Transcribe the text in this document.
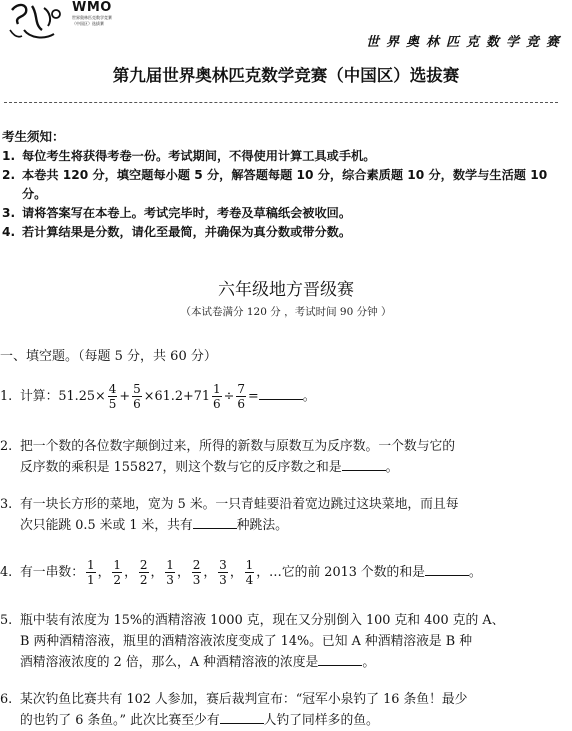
WMO
世界奥林匹克数学竞赛（中国区）选拔赛
世界奥林匹克数学竞赛
第九届世界奥林匹克数学竞赛（中国区）选拔赛
考生须知：
1. 每位考生将获得考卷一份。考试期间，不得使用计算工具或手机。
2. 本卷共 120 分，填空题每小题 5 分，解答题每题 10 分，综合素质题 10 分，数学与生活题 10 分。
3. 请将答案写在本卷上。考试完毕时，考卷及草稿纸会被收回。
4. 若计算结果是分数，请化至最简，并确保为真分数或带分数。
六年级地方晋级赛
（本试卷满分 120 分 ，考试时间 90 分钟 ）
一、填空题。（每题 5 分，共 60 分）
1. 计算：$51.25\times \frac{4}{5} + \frac{5}{6} \times 61.2+71 \frac{1}{6} \div \frac{7}{6}$ =	。
2. 把一个数的各位数字颠倒过来，所得的新数与原数互为反序数。一个数与它的
反序数的乘积是 155827，则这个数与它的反序数之和是	。
3. 有一块长方形的菜地，宽为 5 米。一只青蛙要沿着宽边跳过这块菜地，而且每
次只能跳 0.5 米或 1 米，共有	种跳法。
4. 有一串数： $\frac{1}{1}$ ， $\frac{1}{2}$ ， $\frac{2}{2}$ ， $\frac{1}{3}$ ， $\frac{2}{3}$ ， $\frac{3}{3}$ ， $\frac{1}{4}$ ，…它的前 2013 个数的和是	。
5. 瓶中装有浓度为 15%的酒精溶液 1000 克，现在又分别倒入 100 克和 400 克的 A、
B 两种酒精溶液，瓶里的酒精溶液浓度变成了 14%。已知 A 种酒精溶液是 B 种
酒精溶液浓度的 2 倍，那么，A 种酒精溶液的浓度是	。
6. 某次钓鱼比赛共有 102 人参加，赛后裁判宣布：“冠军小泉钓了 16 条鱼！最少
的也钓了 6 条鱼。” 此次比赛至少有	人钓了同样多的鱼。
